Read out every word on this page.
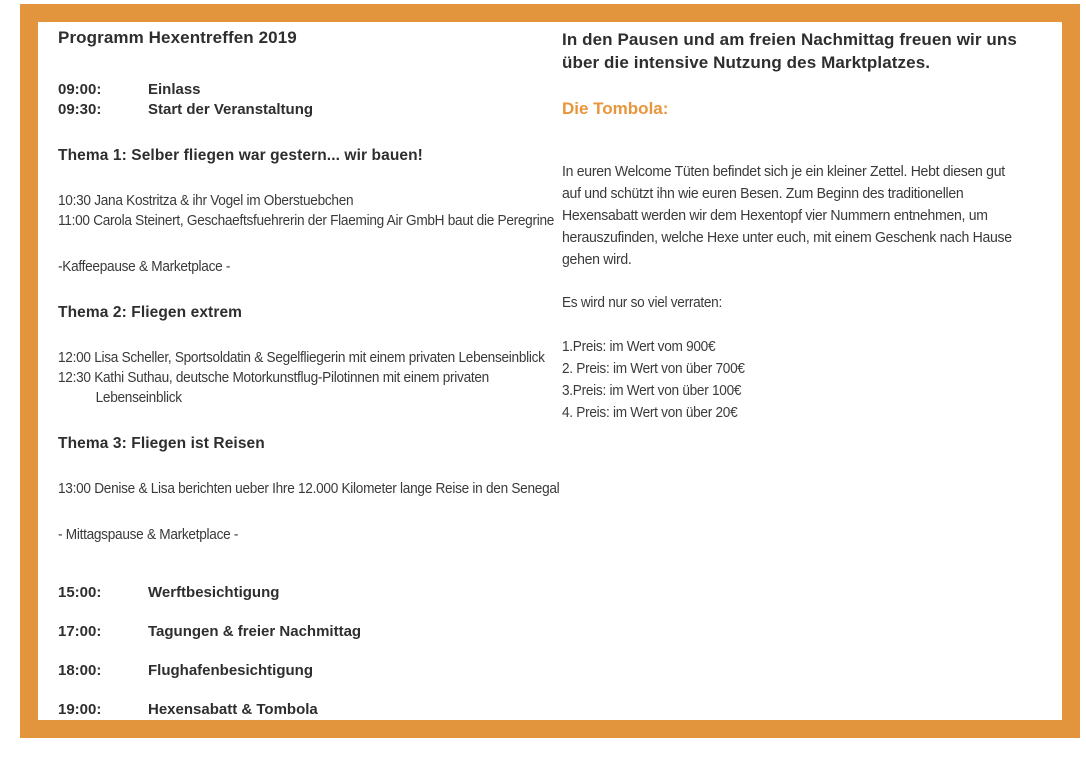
Programm Hexentreffen 2019
09:00:	Einlass
09:30:	Start der Veranstaltung
Thema 1: Selber fliegen war gestern... wir bauen!
10:30 Jana Kostritza & ihr Vogel im Oberstuebchen
11:00 Carola Steinert, Geschaeftsfuehrerin der Flaeming Air GmbH baut die Peregrine
-Kaffeepause & Marketplace -
Thema 2: Fliegen extrem
12:00 Lisa Scheller, Sportsoldatin & Segelfliegerin mit einem privaten Lebenseinblick
12:30 Kathi Suthau, deutsche Motorkunstflug-Pilotinnen mit einem privaten
Lebenseinblick
Thema 3: Fliegen ist Reisen
13:00 Denise & Lisa berichten ueber Ihre 12.000 Kilometer lange Reise in den Senegal
- Mittagspause & Marketplace -
15:00:	Werftbesichtigung
17:00:	Tagungen & freier Nachmittag
18:00:	Flughafenbesichtigung
19:00:	Hexensabatt & Tombola
In den Pausen und am freien Nachmittag freuen wir uns über die intensive Nutzung des Marktplatzes.
Die Tombola:

In euren Welcome Tüten befindet sich je ein kleiner Zettel. Hebt diesen gut auf und schützt ihn wie euren Besen. Zum Beginn des traditionellen Hexensabatt werden wir dem Hexentopf vier Nummern entnehmen, um herauszufinden, welche Hexe unter euch, mit einem Geschenk nach Hause gehen wird.

Es wird nur so viel verraten:
1.Preis: im Wert vom 900€
2. Preis: im Wert von über 700€
3.Preis: im Wert von über 100€
4. Preis: im Wert von über 20€
